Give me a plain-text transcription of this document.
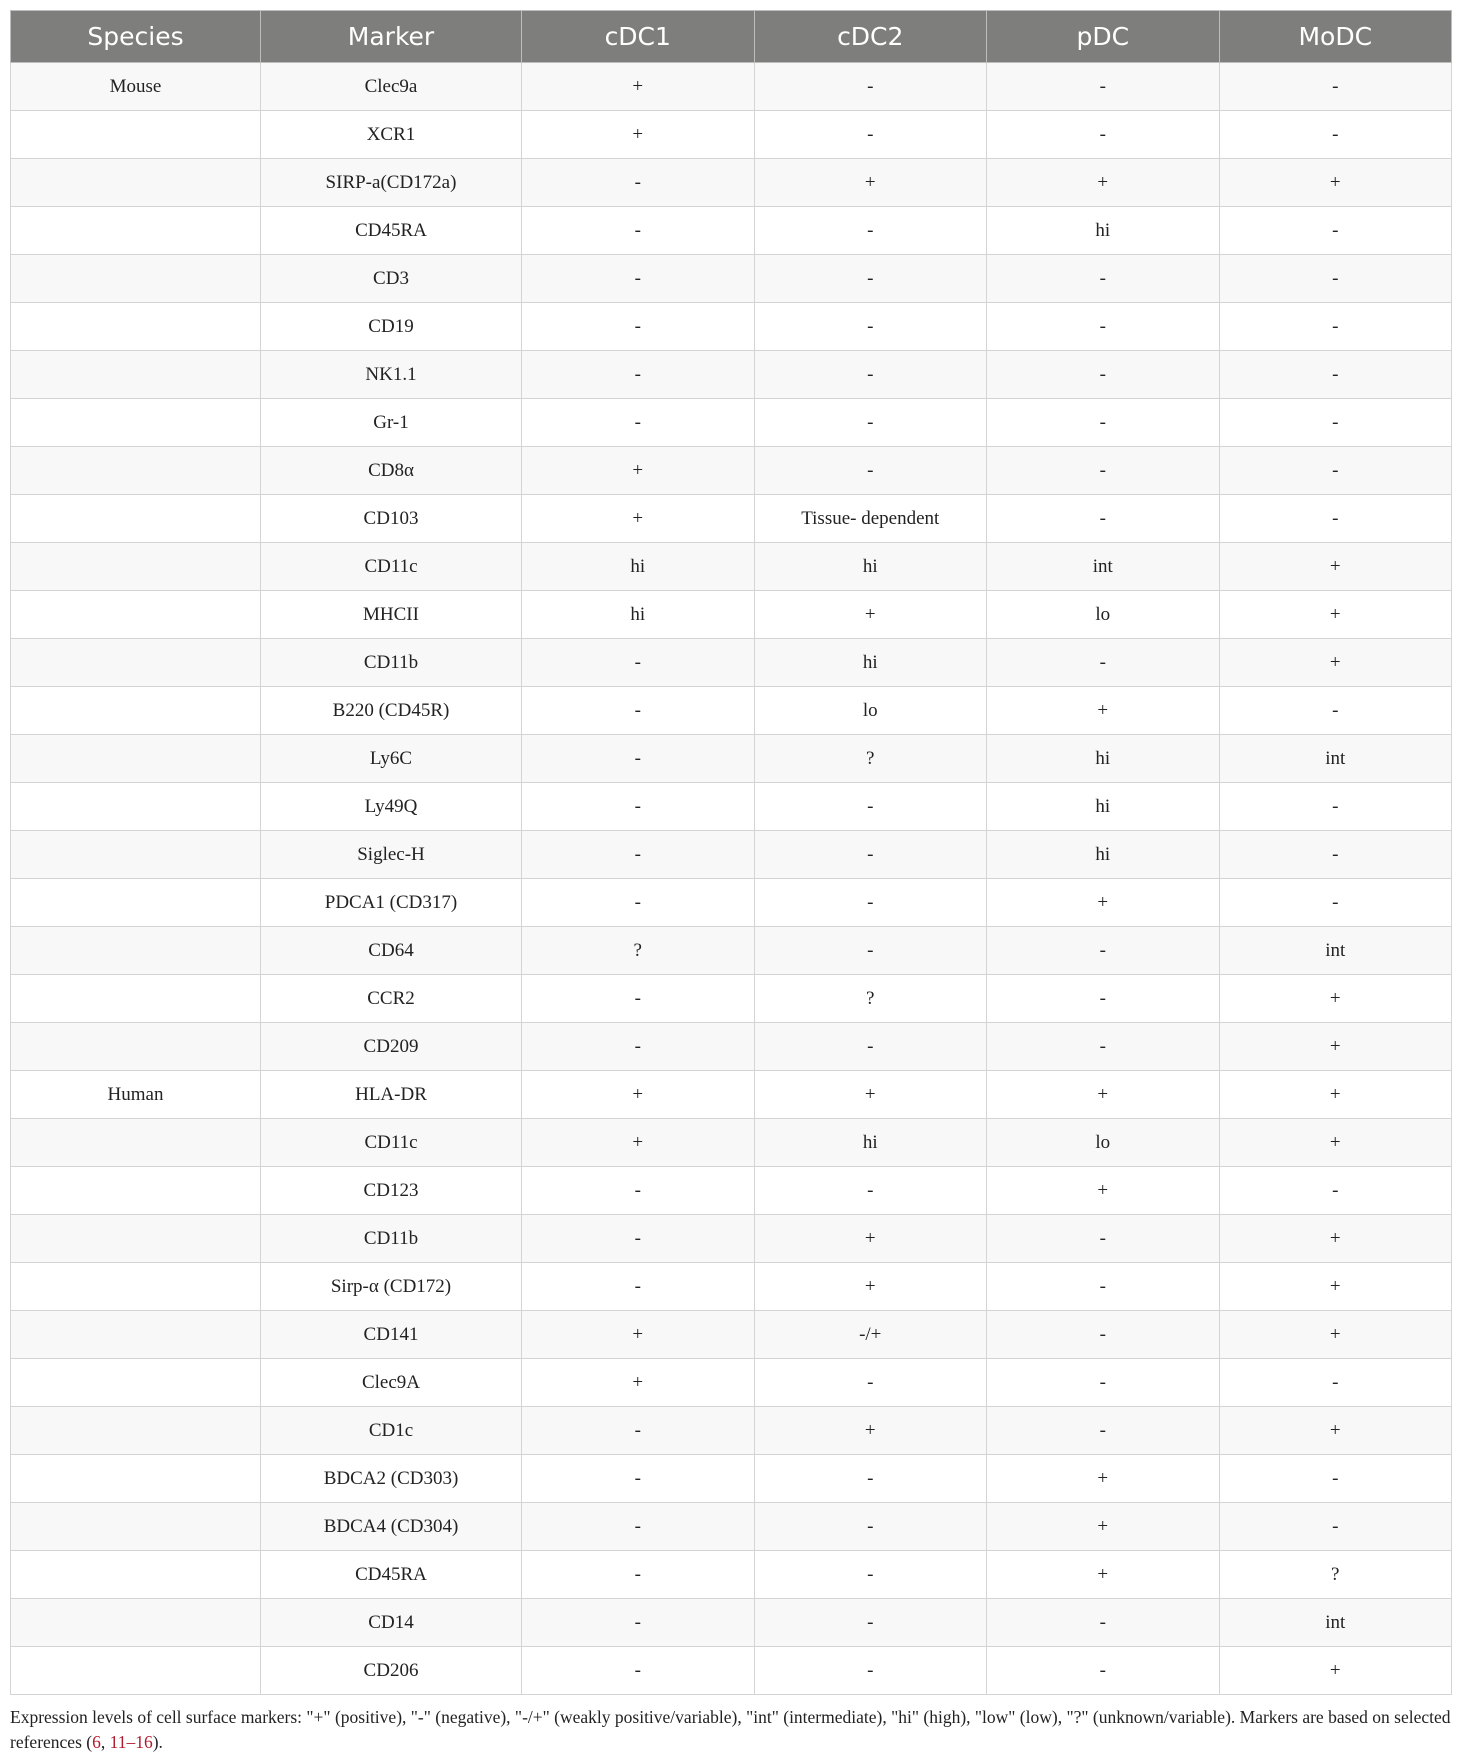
Species	Marker	cDC1	cDC2	pDC	MoDC
Mouse	Clec9a	+	-	-	-
	XCR1	+	-	-	-
	SIRP-a(CD172a)	-	+	+	+
	CD45RA	-	-	hi	-
	CD3	-	-	-	-
	CD19	-	-	-	-
	NK1.1	-	-	-	-
	Gr-1	-	-	-	-
	CD8α	+	-	-	-
	CD103	+	Tissue- dependent	-	-
	CD11c	hi	hi	int	+
	MHCII	hi	+	lo	+
	CD11b	-	hi	-	+
	B220 (CD45R)	-	lo	+	-
	Ly6C	-	?	hi	int
	Ly49Q	-	-	hi	-
	Siglec-H	-	-	hi	-
	PDCA1 (CD317)	-	-	+	-
	CD64	?	-	-	int
	CCR2	-	?	-	+
	CD209	-	-	-	+
Human	HLA-DR	+	+	+	+
	CD11c	+	hi	lo	+
	CD123	-	-	+	-
	CD11b	-	+	-	+
	Sirp-α (CD172)	-	+	-	+
	CD141	+	-/+	-	+
	Clec9A	+	-	-	-
	CD1c	-	+	-	+
	BDCA2 (CD303)	-	-	+	-
	BDCA4 (CD304)	-	-	+	-
	CD45RA	-	-	+	?
	CD14	-	-	-	int
	CD206	-	-	-	+
Expression levels of cell surface markers: "+" (positive), "-" (negative), "-/+" (weakly positive/variable), "int" (intermediate), "hi" (high), "low" (low), "?" (unknown/variable). Markers are based on selected references (6, 11–16).
